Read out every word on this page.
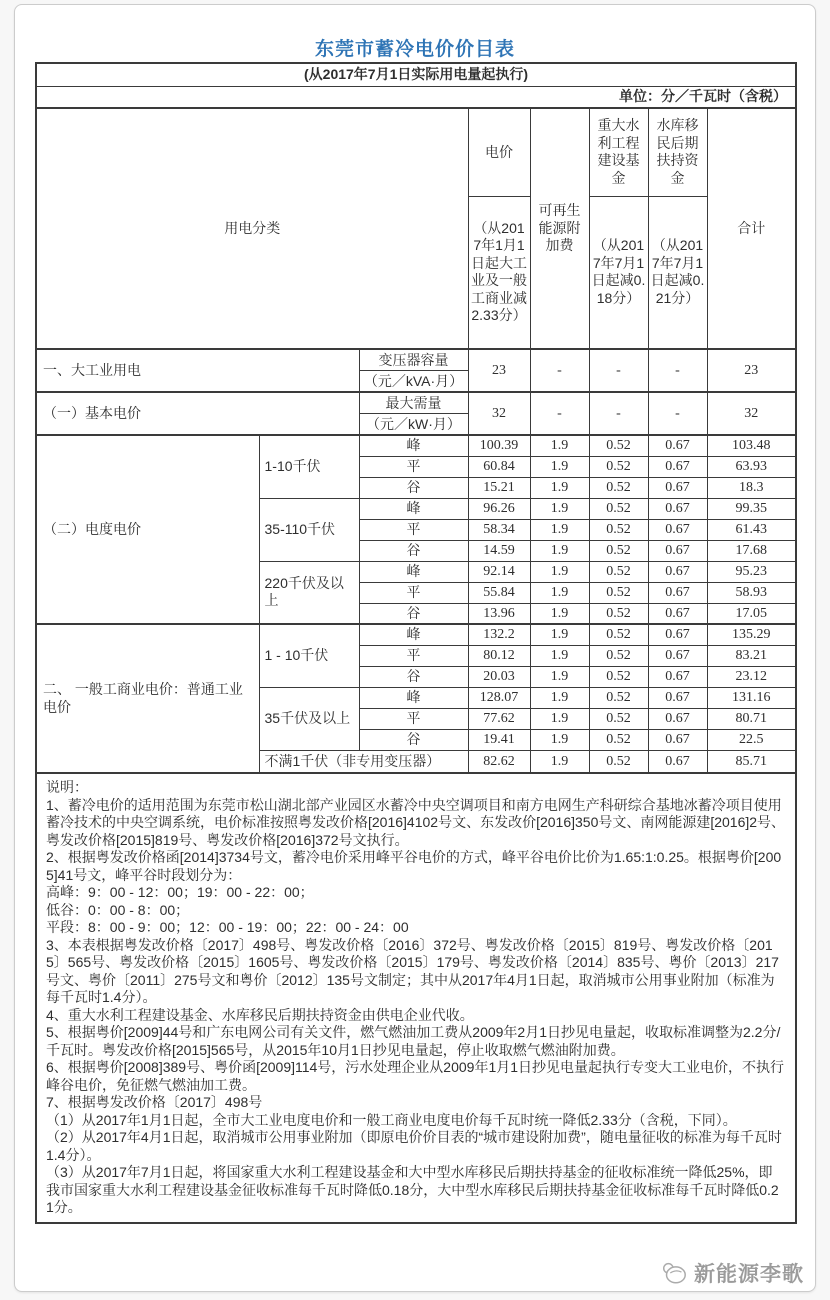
东莞市蓄冷电价价目表
(从2017年7月1日实际用电量起执行)							
单位：分／千瓦时（含税）							
用电分类			电价	可再生能源附加费	重大水利工程建设基金	水库移民后期扶持资金	合计
			（从2017年1月1日起大工业及一般工商业减2.33分）		（从2017年7月1日起减0.18分）	（从2017年7月1日起减0.21分）	
一、大工业用电		变压器容量
（元／kVA·月）	23	-	-	-	23
（一）基本电价		最大需量
（元／kW·月）	32	-	-	-	32
（二）电度电价	1-10千伏	峰	100.39	1.9	0.52	0.67	103.48
		平	60.84	1.9	0.52	0.67	63.93
		谷	15.21	1.9	0.52	0.67	18.3
	35-110千伏	峰	96.26	1.9	0.52	0.67	99.35
		平	58.34	1.9	0.52	0.67	61.43
		谷	14.59	1.9	0.52	0.67	17.68
	220千伏及以上	峰	92.14	1.9	0.52	0.67	95.23
		平	55.84	1.9	0.52	0.67	58.93
		谷	13.96	1.9	0.52	0.67	17.05
二、 一般工商业电价：普通工业电价	1 - 10千伏	峰	132.2	1.9	0.52	0.67	135.29
		平	80.12	1.9	0.52	0.67	83.21
		谷	20.03	1.9	0.52	0.67	23.12
	35千伏及以上	峰	128.07	1.9	0.52	0.67	131.16
		平	77.62	1.9	0.52	0.67	80.71
		谷	19.41	1.9	0.52	0.67	22.5
	不满1千伏（非专用变压器）		82.62	1.9	0.52	0.67	85.71

说明：
1、蓄冷电价的适用范围为东莞市松山湖北部产业园区水蓄冷中央空调项目和南方电网生产科研综合基地冰蓄冷项目使用蓄冷技术的中央空调系统，电价标准按照粤发改价格[2016]4102号文、东发改价[2016]350号文、南网能源建[2016]2号、粤发改价格[2015]819号、粤发改价格[2016]372号文执行。
2、根据粤发改价格函[2014]3734号文，蓄冷电价采用峰平谷电价的方式，峰平谷电价比价为1.65:1:0.25。根据粤价[2005]41号文，峰平谷时段划分为：
高峰：9：00 - 12：00；19：00 - 22：00；
低谷：0：00 - 8：00；
平段：8：00 - 9：00；12：00 - 19：00；22：00 - 24：00
3、本表根据粤发改价格〔2017〕498号、粤发改价格〔2016〕372号、粤发改价格〔2015〕819号、粤发改价格〔2015〕565号、粤发改价格〔2015〕1605号、粤发改价格〔2015〕179号、粤发改价格〔2014〕835号、粤价〔2013〕217号文、粤价〔2011〕275号文和粤价〔2012〕135号文制定；其中从2017年4月1日起，取消城市公用事业附加（标准为每千瓦时1.4分）。
4、重大水利工程建设基金、水库移民后期扶持资金由供电企业代收。
5、根据粤价[2009]44号和广东电网公司有关文件，燃气燃油加工费从2009年2月1日抄见电量起，收取标准调整为2.2分/千瓦时。粤发改价格[2015]565号，从2015年10月1日抄见电量起，停止收取燃气燃油附加费。
6、根据粤价[2008]389号、粤价函[2009]114号，污水处理企业从2009年1月1日抄见电量起执行专变大工业电价，不执行峰谷电价，免征燃气燃油加工费。
7、根据粤发改价格〔2017〕498号
（1）从2017年1月1日起，全市大工业电度电价和一般工商业电度电价每千瓦时统一降低2.33分（含税，下同）。
（2）从2017年4月1日起，取消城市公用事业附加（即原电价价目表的“城市建设附加费”，随电量征收的标准为每千瓦时1.4分）。
（3）从2017年7月1日起，将国家重大水利工程建设基金和大中型水库移民后期扶持基金的征收标准统一降低25%，即我市国家重大水利工程建设基金征收标准每千瓦时降低0.18分，大中型水库移民后期扶持基金征收标准每千瓦时降低0.21分。
新能源李歌
